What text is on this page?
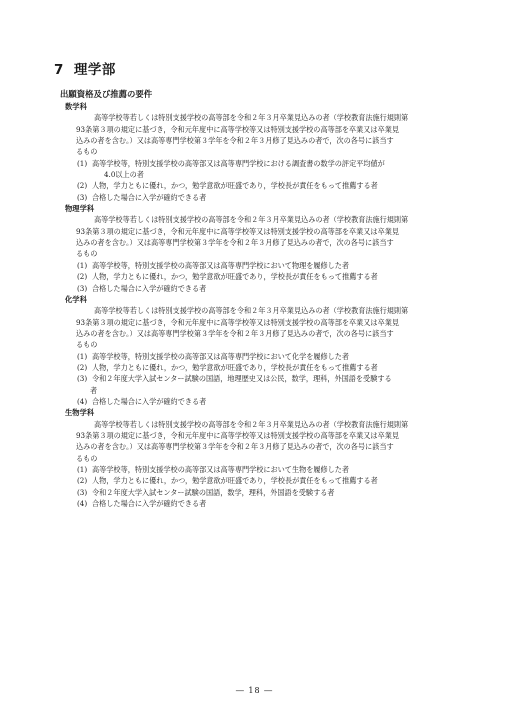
7 理学部
出願資格及び推薦の要件
数学科
高等学校等若しくは特別支援学校の高等部を令和２年３月卒業見込みの者（学校教育法施行規則第
93条第３項の規定に基づき，令和元年度中に高等学校等又は特別支援学校の高等部を卒業又は卒業見
込みの者を含む。）又は高等専門学校第３学年を令和２年３月修了見込みの者で，次の各号に該当す
るもの
(1) 高等学校等，特別支援学校の高等部又は高等専門学校における調査書の数学の評定平均値が
4.0以上の者
(2) 人物，学力ともに優れ，かつ，勉学意欲が旺盛であり，学校長が責任をもって推薦する者
(3) 合格した場合に入学が確約できる者
物理学科
高等学校等若しくは特別支援学校の高等部を令和２年３月卒業見込みの者（学校教育法施行規則第
93条第３項の規定に基づき，令和元年度中に高等学校等又は特別支援学校の高等部を卒業又は卒業見
込みの者を含む。）又は高等専門学校第３学年を令和２年３月修了見込みの者で，次の各号に該当す
るもの
(1) 高等学校等，特別支援学校の高等部又は高等専門学校において物理を履修した者
(2) 人物，学力ともに優れ，かつ，勉学意欲が旺盛であり，学校長が責任をもって推薦する者
(3) 合格した場合に入学が確約できる者
化学科
高等学校等若しくは特別支援学校の高等部を令和２年３月卒業見込みの者（学校教育法施行規則第
93条第３項の規定に基づき，令和元年度中に高等学校等又は特別支援学校の高等部を卒業又は卒業見
込みの者を含む。）又は高等専門学校第３学年を令和２年３月修了見込みの者で，次の各号に該当す
るもの
(1) 高等学校等，特別支援学校の高等部又は高等専門学校において化学を履修した者
(2) 人物，学力ともに優れ，かつ，勉学意欲が旺盛であり，学校長が責任をもって推薦する者
(3) 令和２年度大学入試センター試験の国語，地理歴史又は公民，数学，理科，外国語を受験する
者
(4) 合格した場合に入学が確約できる者
生物学科
高等学校等若しくは特別支援学校の高等部を令和２年３月卒業見込みの者（学校教育法施行規則第
93条第３項の規定に基づき，令和元年度中に高等学校等又は特別支援学校の高等部を卒業又は卒業見
込みの者を含む。）又は高等専門学校第３学年を令和２年３月修了見込みの者で，次の各号に該当す
るもの
(1) 高等学校等，特別支援学校の高等部又は高等専門学校において生物を履修した者
(2) 人物，学力ともに優れ，かつ，勉学意欲が旺盛であり，学校長が責任をもって推薦する者
(3) 令和２年度大学入試センター試験の国語，数学，理科，外国語を受験する者
(4) 合格した場合に入学が確約できる者
― 18 ―
